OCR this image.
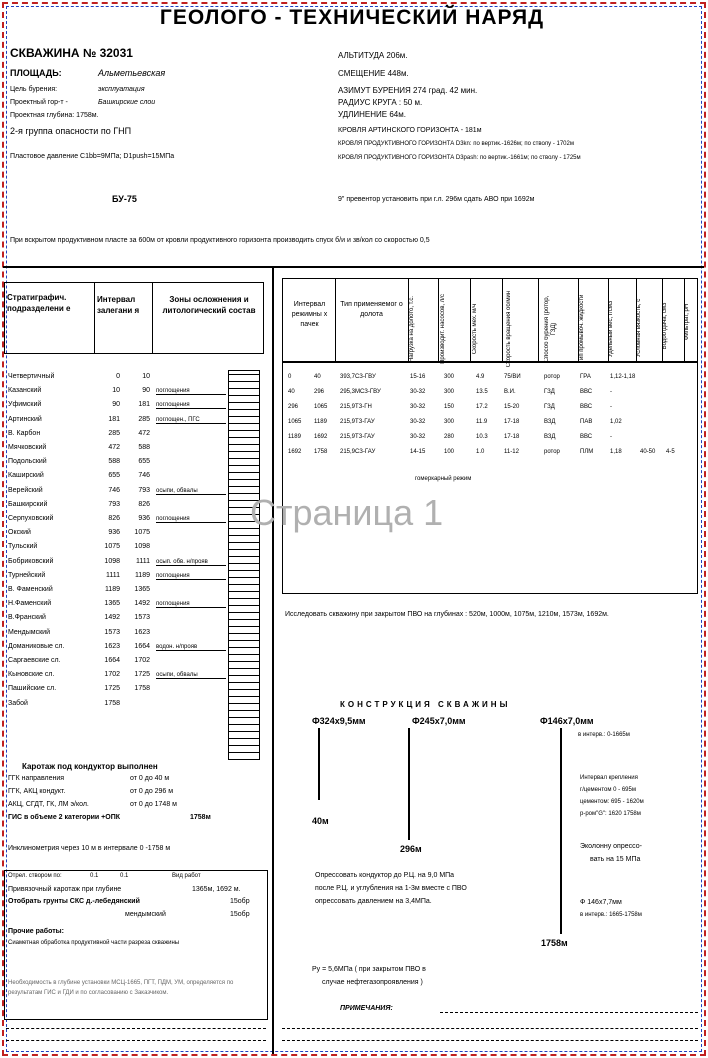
ГЕОЛОГО - ТЕХНИЧЕСКИЙ НАРЯД
СКВАЖИНА № 32031
ПЛОЩАДЬ:	Альметьевская
Цель бурения:	эксплуатация
Проектный гор-т -	Башкирские слои
Проектная глубина: 1758м.
2-я группа опасности по ГНП
Пластовое давление С1bb=9МПа; D1push=15МПа
АЛЬТИТУДА 206м.
СМЕЩЕНИЕ 448м.
АЗИМУТ БУРЕНИЯ 274 град. 42 мин.
РАДИУС КРУГА : 50 м.
УДЛИНЕНИЕ 64м.
КРОВЛЯ АРТИНСКОГО ГОРИЗОНТА - 181м
КРОВЛЯ ПРОДУКТИВНОГО ГОРИЗОНТА D3kn: по вертик.-1626м; по стволу - 1702м
КРОВЛЯ ПРОДУКТИВНОГО ГОРИЗОНТА D3pash: по вертик.-1661м; по стволу - 1725м
БУ-75	9" превентор установить при г.л. 296м сдать АВО при 1692м
При вскрытом продуктивном пласте за 600м от кровли продуктивного горизонта производить спуск б/и и зв/кол со скоростью 0,5
Стратиграфич. подразделени е
Интервал залегани я
Зоны осложнения и литологический состав
Четвертичный	0	10
Казанский	10	90 поглощения
Уфимский	90	181 поглощения
Артинский	181	285 поглощен., ПГС
В. Карбон	285	472
Мячковский	472	588
Подольский	588	655
Каширский	655	746
Верейский	746	793 осыпи, обвалы
Башкирский	793	826
Серпуховский	826	936 поглощения
Окский	936	1075
Тульский	1075	1098
Бобриковский	1098	1111 осып. обв. н/прояв
Турнейский	1111	1189 поглощения
В. Фаменский	1189	1365
Н.Фаменский	1365	1492 поглощения
В.Франский	1492	1573
Мендымский	1573	1623
Доманиковые сл.	1623	1664 водон. н/прояв
Саргаевские сл.	1664	1702
Кыновские сл.	1702	1725 осыпи, обвалы
Пашийские сл.	1725	1758
Забой	1758
Каротаж под кондуктор выполнен
ГГК направления	от 0 до 40 м
ГГК, АКЦ кондукт.	от 0 до 296 м
АКЦ, СГДТ, ГК, ЛМ э/кол.	от 0 до 1748 м
ГИС в объеме 2 категории +ОПК	1758м
Инклинометрия через 10 м в интервале 0 -1758 м
Отрел. створом по:	0.1	0.1	Вид работ
Привязочный каротаж при глубине	1365м, 1692 м.
Отобрать грунты СКС д.-лебедянский	15обр
мендымский	15обр
Прочие работы:
Сиаметная обработка продуктивной части разреза скважины
Необходимость в глубине установки МСЦ-1665, ПГТ, ПДМ, УМ, определяется по результатам ГИС и ГДИ и по согласованию с Заказчиком.
Интервал режимны х пачек
Тип применяемог о долота	Нагрузка на долото, т.с.	Производит. насосов, л/с	Скорость мех. м/ч	Скорость вращения об/мин	Способ бурения (ротор, ГЗД)	Тип промывоч. жидкости	Удельный вес, г/см3	Условная вязкость, с	Водоотдача, см3	Фильтрат, pH
0	40	393,7СЗ-ГВУ	15-16	300	4.9	75/ВИ	ротор	ГРА	1,12-1,18
40	296	295,3МСЗ-ГВУ	30-32	300	13.5	В.И.	ГЗД	ВВС	-
296	1065 215,9ТЗ-ГН	30-32	150	17.2	15-20	ГЗД	ВВС	-
1065 1189 215,9ТЗ-ГАУ	30-32	300	11.9	17-18	ВЗД	ПАВ	1,02
1189 1692 215,9ТЗ-ГАУ	30-32	280	10.3	17-18	ВЗД	ВВС	-
1692 1758 215,9СЗ-ГАУ	14-15	100	1.0	11-12	ротор	ПЛМ	1,18	40-50 4-5
гомеркарный режим
Страница 1
Исследовать скважину при закрытом ПВО на глубинах : 520м, 1000м, 1075м, 1210м, 1573м, 1692м.
КОНСТРУКЦИЯ СКВАЖИНЫ
Ф324х9,5мм	Ф245х7,0мм	Ф146х7,0мм
в интерв.: 0-1665м
40м
296м
1758м
Опрессовать кондуктор до Р.Ц. на 9,0 МПа
после Р.Ц. и углубления на 1-3м вместе с ПВО
опрессовать давлением на 3,4МПа.
Интервал крепления
г/цементом 0 - 695м
цементом: 695 - 1620м
р-ром"G": 1620 1758м
Эколонну опрессо-
вать на 15 МПа
Ф 146х7,7мм
в интерв.: 1665-1758м
Ру = 5,6МПа ( при закрытом ПВО в
случае нефтегазопроявления )
ПРИМЕЧАНИЯ:
